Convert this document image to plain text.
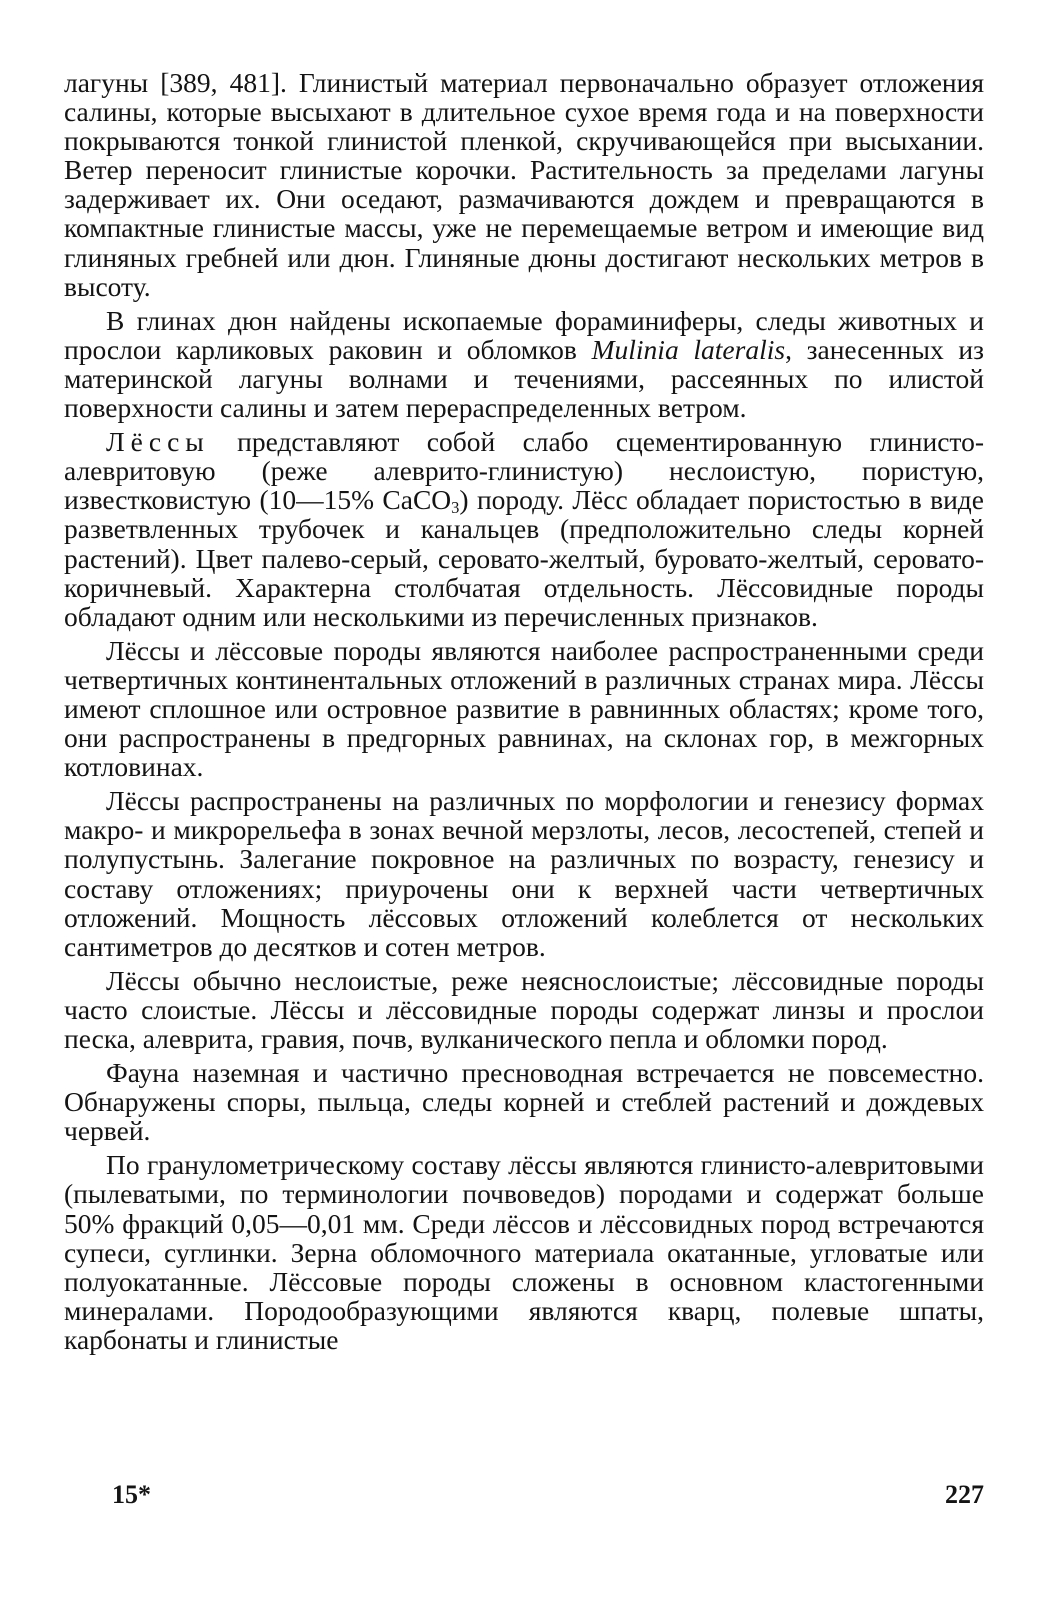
лагуны [389, 481]. Глинистый материал первоначально образует отложения салины, которые высыхают в длительное сухое время года и на поверхности покрываются тонкой глинистой пленкой, скручивающейся при высыхании. Ветер переносит глинистые корочки. Растительность за пределами лагуны задерживает их. Они оседают, размачиваются дождем и превращаются в компактные глинистые массы, уже не перемещаемые ветром и имеющие вид глиняных гребней или дюн. Глиняные дюны достигают нескольких метров в высоту.

В глинах дюн найдены ископаемые фораминиферы, следы животных и прослои карликовых раковин и обломков Mulinia lateralis, занесенных из материнской лагуны волнами и течениями, рассеянных по илистой поверхности салины и затем перераспределенных ветром.

Лёссы представляют собой слабо сцементированную глинисто-алевритовую (реже алеврито-глинистую) неслоистую, пористую, известковистую (10—15% CaCO$_3$) породу. Лёсс обладает пористостью в виде разветвленных трубочек и канальцев (предположительно следы корней растений). Цвет палево-серый, серовато-желтый, буровато-желтый, серовато-коричневый. Характерна столбчатая отдельность. Лёссовидные породы обладают одним или несколькими из перечисленных признаков.

Лёссы и лёссовые породы являются наиболее распространенными среди четвертичных континентальных отложений в различных странах мира. Лёссы имеют сплошное или островное развитие в равнинных областях; кроме того, они распространены в предгорных равнинах, на склонах гор, в межгорных котловинах.

Лёссы распространены на различных по морфологии и генезису формах макро- и микрорельефа в зонах вечной мерзлоты, лесов, лесостепей, степей и полупустынь. Залегание покровное на различных по возрасту, генезису и составу отложениях; приурочены они к верхней части четвертичных отложений. Мощность лёссовых отложений колеблется от нескольких сантиметров до десятков и сотен метров.

Лёссы обычно неслоистые, реже неяснослоистые; лёссовидные породы часто слоистые. Лёссы и лёссовидные породы содержат линзы и прослои песка, алеврита, гравия, почв, вулканического пепла и обломки пород.

Фауна наземная и частично пресноводная встречается не повсеместно. Обнаружены споры, пыльца, следы корней и стеблей растений и дождевых червей.

По гранулометрическому составу лёссы являются глинисто-алевритовыми (пылеватыми, по терминологии почвоведов) породами и содержат больше 50% фракций 0,05—0,01 мм. Среди лёссов и лёссовидных пород встречаются супеси, суглинки. Зерна обломочного материала окатанные, угловатые или полуокатанные. Лёссовые породы сложены в основном кластогенными минералами. Породообразующими являются кварц, полевые шпаты, карбонаты и глинистые

15*	227
